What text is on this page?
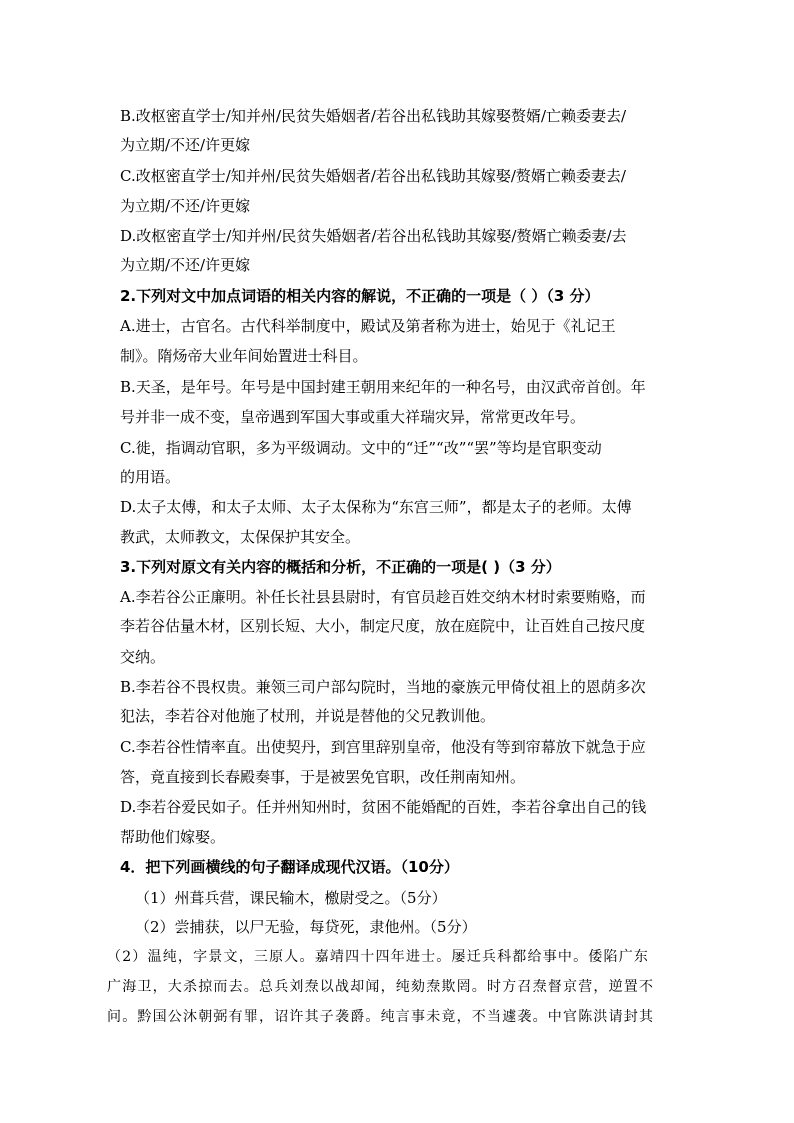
B.改枢密直学士/知并州/民贫失婚姻者/若谷出私钱助其嫁娶赘婿/亡赖委妻去/
为立期/不还/许更嫁
C.改枢密直学士/知并州/民贫失婚姻者/若谷出私钱助其嫁娶/赘婿亡赖委妻去/
为立期/不还/许更嫁
D.改枢密直学士/知并州/民贫失婚姻者/若谷出私钱助其嫁娶/赘婿亡赖委妻/去
为立期/不还/许更嫁
2.下列对文中加点词语的相关内容的解说，不正确的一项是（ ）（3 分）
A.进士，古官名。古代科举制度中，殿试及第者称为进士，始见于《礼记王
制》。隋炀帝大业年间始置进士科目。
B.天圣，是年号。年号是中国封建王朝用来纪年的一种名号，由汉武帝首创。年
号并非一成不变，皇帝遇到军国大事或重大祥瑞灾异，常常更改年号。
C.徙，指调动官职，多为平级调动。文中的“迁”“改”“罢”等均是官职变动
的用语。
D.太子太傅，和太子太师、太子太保称为“东宫三师”，都是太子的老师。太傅
教武，太师教文，太保保护其安全。
3.下列对原文有关内容的概括和分析，不正确的一项是( )（3 分）
A.李若谷公正廉明。补任长社县县尉时，有官员趁百姓交纳木材时索要贿赂，而
李若谷估量木材，区别长短、大小，制定尺度，放在庭院中，让百姓自己按尺度
交纳。
B.李若谷不畏权贵。兼领三司户部勾院时，当地的豪族元甲倚仗祖上的恩荫多次
犯法，李若谷对他施了杖刑，并说是替他的父兄教训他。
C.李若谷性情率直。出使契丹，到宫里辞别皇帝，他没有等到帘幕放下就急于应
答，竟直接到长春殿奏事，于是被罢免官职，改任荆南知州。
D.李若谷爱民如子。任并州知州时，贫困不能婚配的百姓，李若谷拿出自己的钱
帮助他们嫁娶。
4．把下列画横线的句子翻译成现代汉语。（10分）
（1）州葺兵营，课民输木，檄尉受之。（5分）
（2）尝捕获，以尸无验，每贷死，隶他州。（5分）
（2）温纯，字景文，三原人。嘉靖四十四年进士。屡迁兵科都给事中。倭陷广东
广海卫，大杀掠而去。总兵刘焘以战却闻，纯劾焘欺罔。时方召焘督京营，逆置不
问。黔国公沐朝弼有罪，诏许其子袭爵。纯言事未竟，不当遽袭。中官陈洪请封其
